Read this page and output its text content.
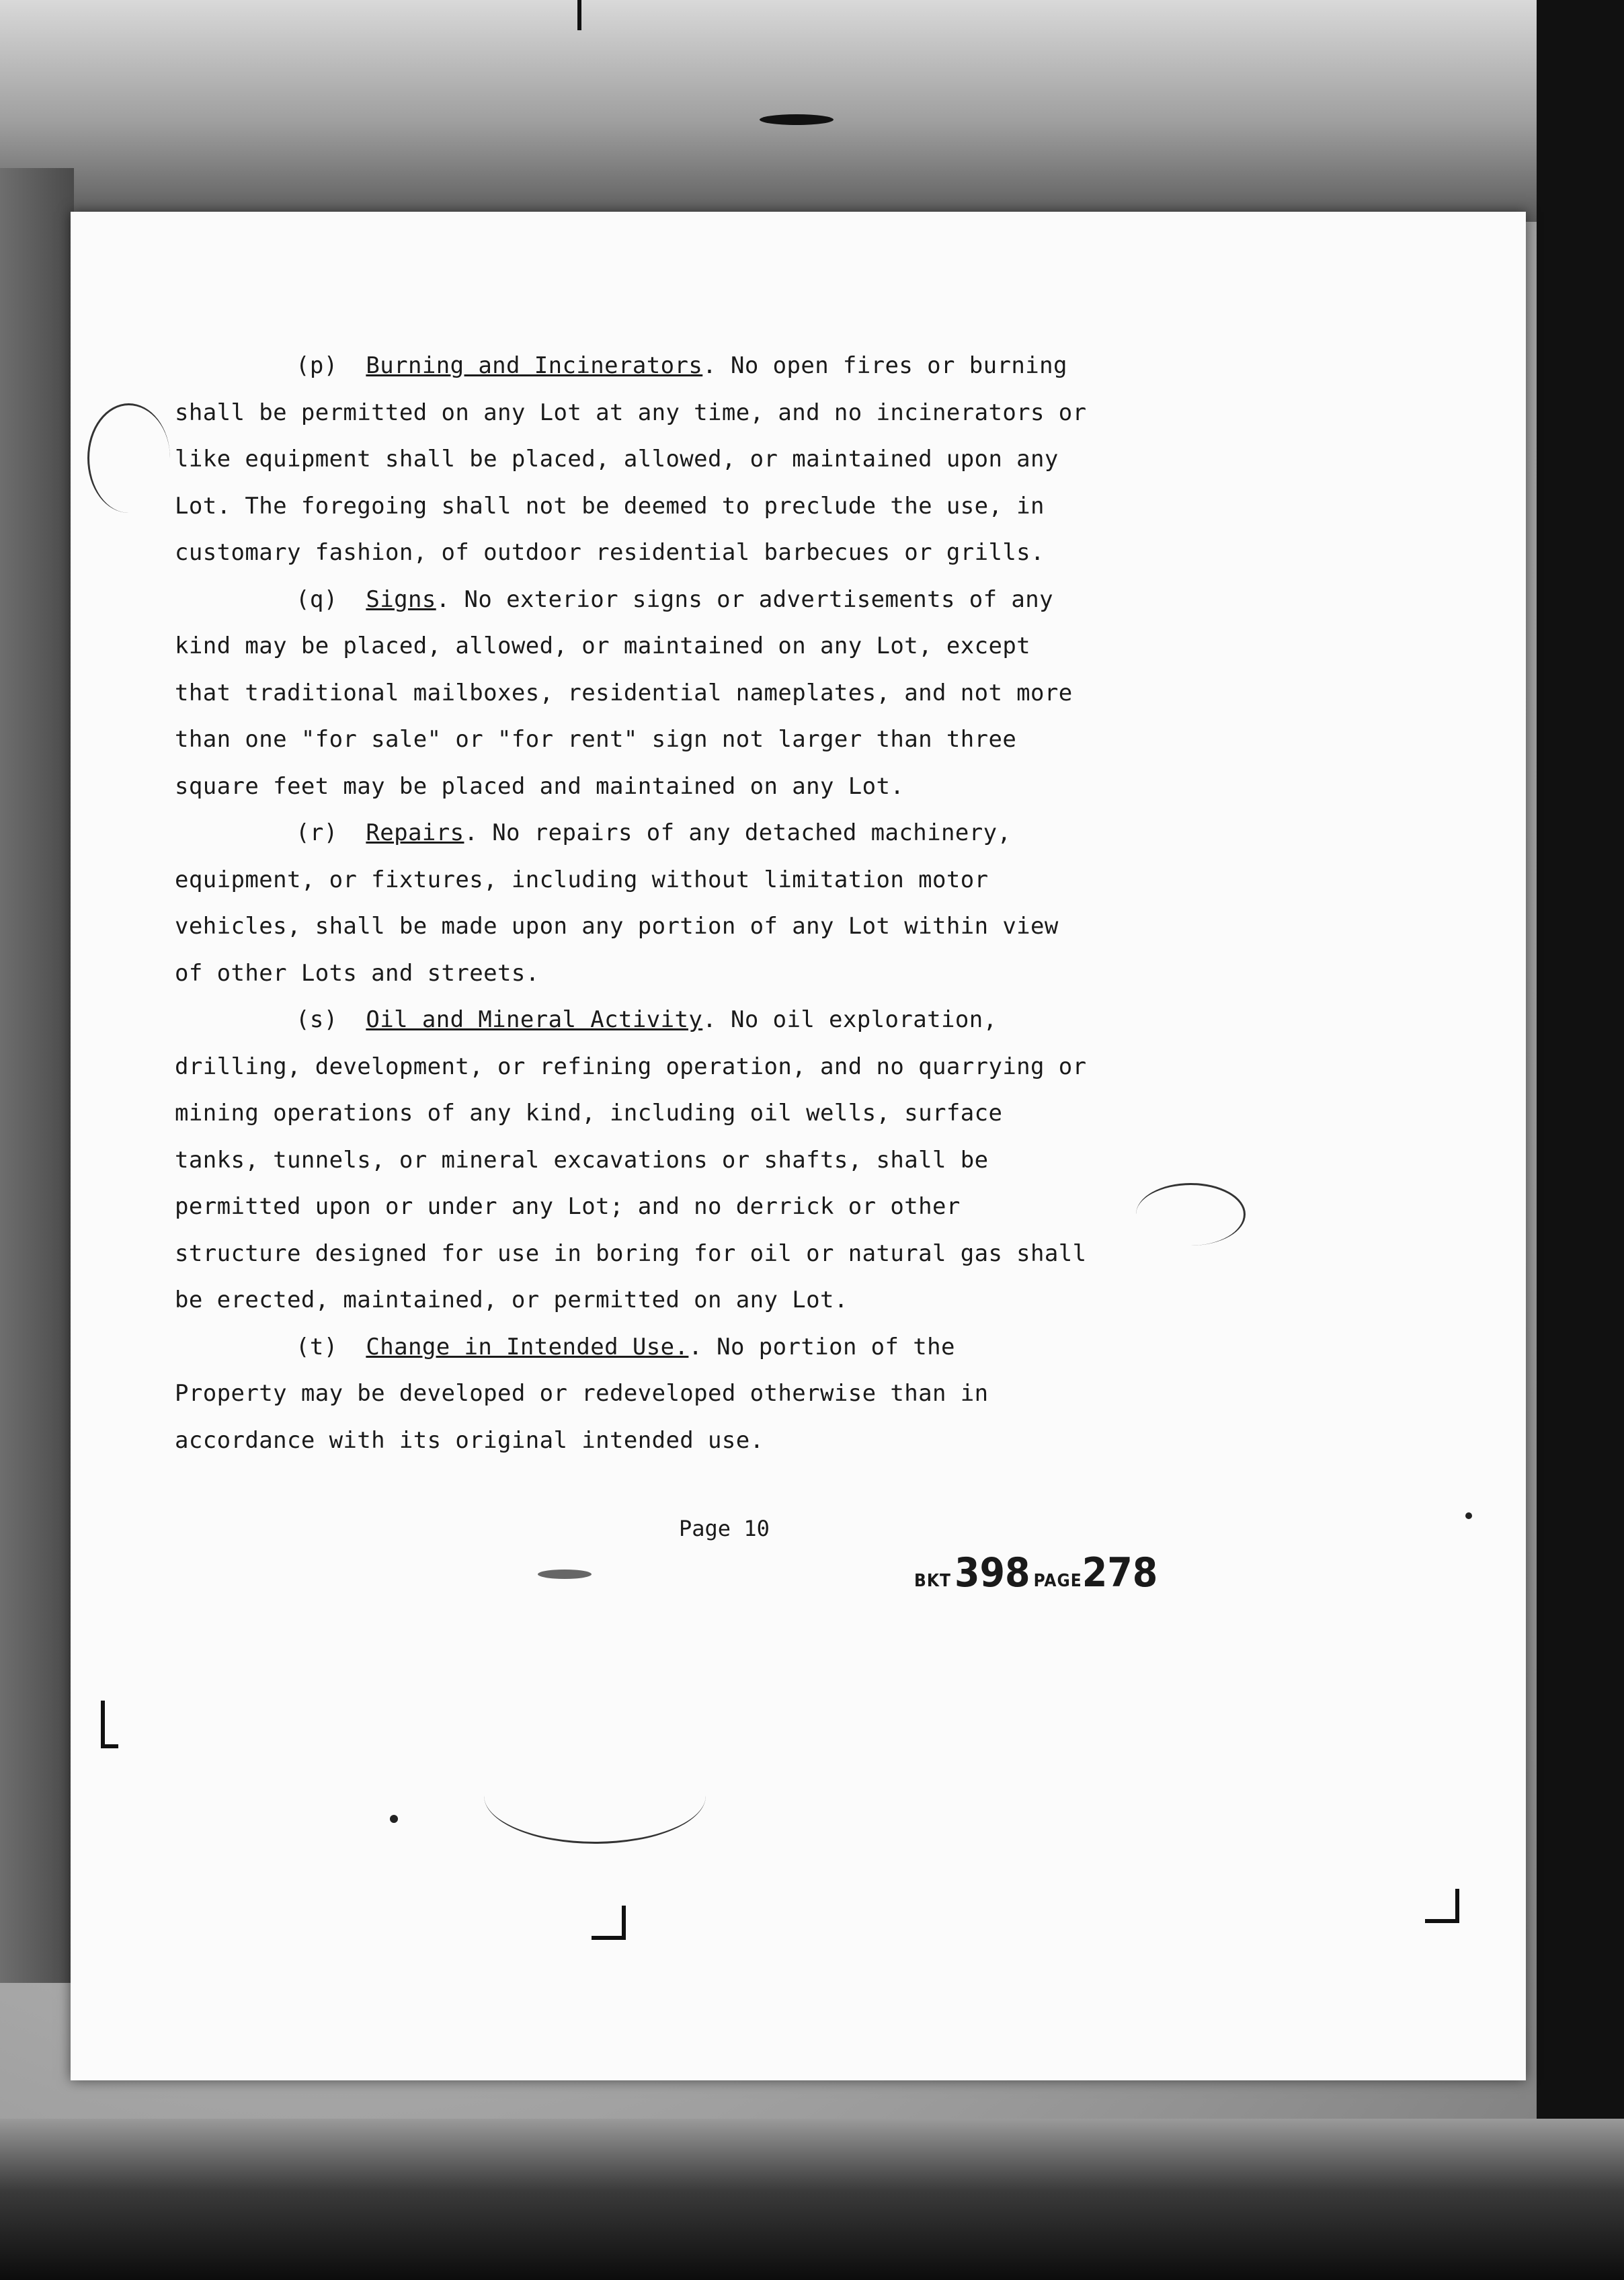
(p) Burning and Incinerators. No open fires or burning
shall be permitted on any Lot at any time, and no incinerators or
like equipment shall be placed, allowed, or maintained upon any
Lot. The foregoing shall not be deemed to preclude the use, in
customary fashion, of outdoor residential barbecues or grills.

(q) Signs. No exterior signs or advertisements of any
kind may be placed, allowed, or maintained on any Lot, except
that traditional mailboxes, residential nameplates, and not more
than one "for sale" or "for rent" sign not larger than three
square feet may be placed and maintained on any Lot.

(r) Repairs. No repairs of any detached machinery,
equipment, or fixtures, including without limitation motor
vehicles, shall be made upon any portion of any Lot within view
of other Lots and streets.

(s) Oil and Mineral Activity. No oil exploration,
drilling, development, or refining operation, and no quarrying or
mining operations of any kind, including oil wells, surface
tanks, tunnels, or mineral excavations or shafts, shall be
permitted upon or under any Lot; and no derrick or other
structure designed for use in boring for oil or natural gas shall
be erected, maintained, or permitted on any Lot.

(t) Change in Intended Use.. No portion of the
Property may be developed or redeveloped otherwise than in
accordance with its original intended use.

Page 10
BKT 398 PAGE278
